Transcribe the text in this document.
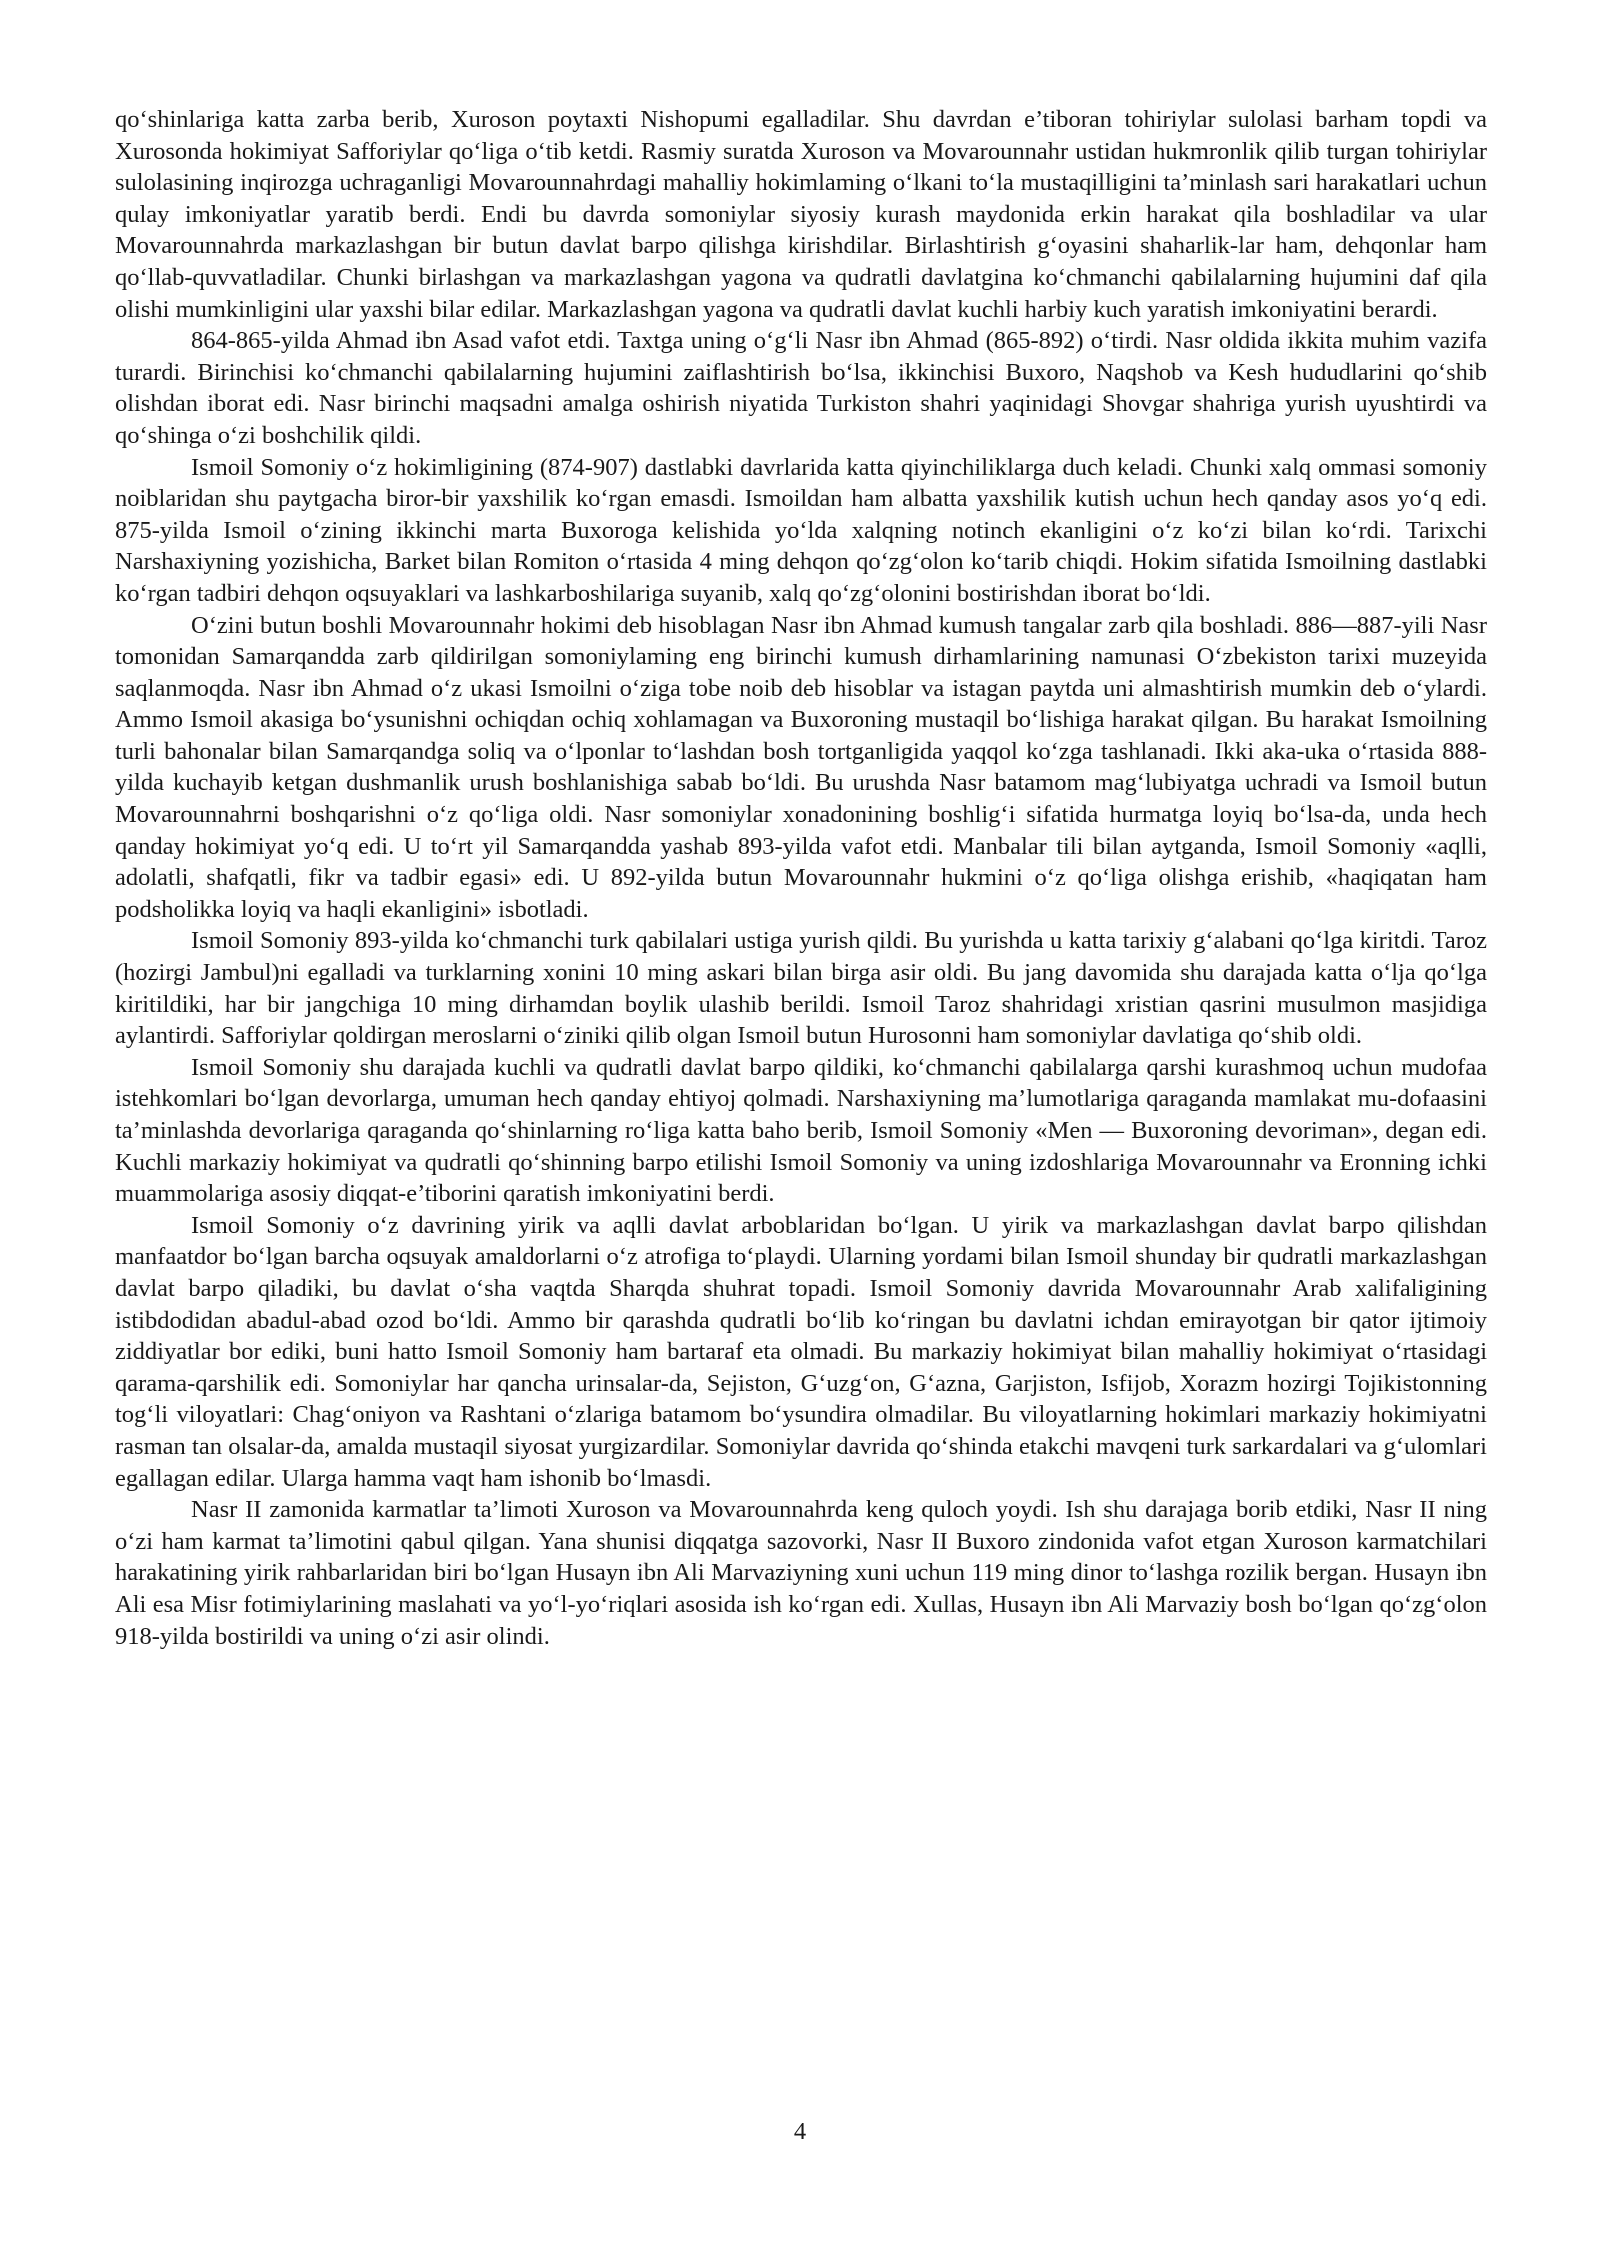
qo‘shinlariga katta zarba berib, Xuroson poytaxti Nishopumi egalladilar. Shu davrdan e’tiboran tohiriylar sulolasi barham topdi va Xurosonda hokimiyat Safforiylar qo‘liga o‘tib ketdi. Rasmiy suratda Xuroson va Movarounnahr ustidan hukmronlik qilib turgan tohiriylar sulolasining inqirozga uchraganligi Movarounnahrdagi mahalliy hokimlaming o‘lkani to‘la mustaqilligini ta’minlash sari harakatlari uchun qulay imkoniyatlar yaratib berdi. Endi bu davrda somoniylar siyosiy kurash maydonida erkin harakat qila boshladilar va ular Movarounnahrda markazlashgan bir butun davlat barpo qilishga kirishdilar. Birlashtirish g‘oyasini shaharlik-lar ham, dehqonlar ham qo‘llab-quvvatladilar. Chunki birlashgan va markazlashgan yagona va qudratli davlatgina ko‘chmanchi qabilalarning hujumini daf qila olishi mumkinligini ular yaxshi bilar edilar. Markazlashgan yagona va qudratli davlat kuchli harbiy kuch yaratish imkoniyatini berardi.

864-865-yilda Ahmad ibn Asad vafot etdi. Taxtga uning o‘g‘li Nasr ibn Ahmad (865-892) o‘tirdi. Nasr oldida ikkita muhim vazifa turardi. Birinchisi ko‘chmanchi qabilalarning hujumini zaiflashtirish bo‘lsa, ikkinchisi Buxoro, Naqshob va Kesh hududlarini qo‘shib olishdan iborat edi. Nasr birinchi maqsadni amalga oshirish niyatida Turkiston shahri yaqinidagi Shovgar shahriga yurish uyushtirdi va qo‘shinga o‘zi boshchilik qildi.

Ismoil Somoniy o‘z hokimligining (874-907) dastlabki davrlarida katta qiyinchiliklarga duch keladi. Chunki xalq ommasi somoniy noiblaridan shu paytgacha biror-bir yaxshilik ko‘rgan emasdi. Ismoildan ham albatta yaxshilik kutish uchun hech qanday asos yo‘q edi. 875-yilda Ismoil o‘zining ikkinchi marta Buxoroga kelishida yo‘lda xalqning notinch ekanligini o‘z ko‘zi bilan ko‘rdi. Tarixchi Narshaxiyning yozishicha, Barket bilan Romiton o‘rtasida 4 ming dehqon qo‘zg‘olon ko‘tarib chiqdi. Hokim sifatida Ismoilning dastlabki ko‘rgan tadbiri dehqon oqsuyaklari va lashkarboshilariga suyanib, xalq qo‘zg‘olonini bostirishdan iborat bo‘ldi.

O‘zini butun boshli Movarounnahr hokimi deb hisoblagan Nasr ibn Ahmad kumush tangalar zarb qila boshladi. 886—887-yili Nasr tomonidan Samarqandda zarb qildirilgan somoniylaming eng birinchi kumush dirhamlarining namunasi O‘zbekiston tarixi muzeyida saqlanmoqda. Nasr ibn Ahmad o‘z ukasi Ismoilni o‘ziga tobe noib deb hisoblar va istagan paytda uni almashtirish mumkin deb o‘ylardi. Ammo Ismoil akasiga bo‘ysunishni ochiqdan ochiq xohlamagan va Buxoroning mustaqil bo‘lishiga harakat qilgan. Bu harakat Ismoilning turli bahonalar bilan Samarqandga soliq va o‘lponlar to‘lashdan bosh tortganligida yaqqol ko‘zga tashlanadi. Ikki aka-uka o‘rtasida 888-yilda kuchayib ketgan dushmanlik urush boshlanishiga sabab bo‘ldi. Bu urushda Nasr batamom mag‘lubiyatga uchradi va Ismoil butun Movarounnahrni boshqarishni o‘z qo‘liga oldi. Nasr somoniylar xonadonining boshlig‘i sifatida hurmatga loyiq bo‘lsa-da, unda hech qanday hokimiyat yo‘q edi. U to‘rt yil Samarqandda yashab 893-yilda vafot etdi. Manbalar tili bilan aytganda, Ismoil Somoniy «aqlli, adolatli, shafqatli, fikr va tadbir egasi» edi. U 892-yilda butun Movarounnahr hukmini o‘z qo‘liga olishga erishib, «haqiqatan ham podsholikka loyiq va haqli ekanligini» isbotladi.

Ismoil Somoniy 893-yilda ko‘chmanchi turk qabilalari ustiga yurish qildi. Bu yurishda u katta tarixiy g‘alabani qo‘lga kiritdi. Taroz (hozirgi Jambul)ni egalladi va turklarning xonini 10 ming askari bilan birga asir oldi. Bu jang davomida shu darajada katta o‘lja qo‘lga kiritildiki, har bir jangchiga 10 ming dirhamdan boylik ulashib berildi. Ismoil Taroz shahridagi xristian qasrini musulmon masjidiga aylantirdi. Safforiylar qoldirgan meroslarni o‘ziniki qilib olgan Ismoil butun Hurosonni ham somoniylar davlatiga qo‘shib oldi.

Ismoil Somoniy shu darajada kuchli va qudratli davlat barpo qildiki, ko‘chmanchi qabilalarga qarshi kurashmoq uchun mudofaa istehkomlari bo‘lgan devorlarga, umuman hech qanday ehtiyoj qolmadi. Narshaxiyning ma’lumotlariga qaraganda mamlakat mu-dofaasini ta’minlashda devorlariga qaraganda qo‘shinlarning ro‘liga katta baho berib, Ismoil Somoniy «Men — Buxoroning devoriman», degan edi. Kuchli markaziy hokimiyat va qudratli qo‘shinning barpo etilishi Ismoil Somoniy va uning izdoshlariga Movarounnahr va Eronning ichki muammolariga asosiy diqqat-e’tiborini qaratish imkoniyatini berdi.

Ismoil Somoniy o‘z davrining yirik va aqlli davlat arboblaridan bo‘lgan. U yirik va markazlashgan davlat barpo qilishdan manfaatdor bo‘lgan barcha oqsuyak amaldorlarni o‘z atrofiga to‘playdi. Ularning yordami bilan Ismoil shunday bir qudratli markazlashgan davlat barpo qiladiki, bu davlat o‘sha vaqtda Sharqda shuhrat topadi. Ismoil Somoniy davrida Movarounnahr Arab xalifaligining istibdodidan abadul-abad ozod bo‘ldi. Ammo bir qarashda qudratli bo‘lib ko‘ringan bu davlatni ichdan emirayotgan bir qator ijtimoiy ziddiyatlar bor ediki, buni hatto Ismoil Somoniy ham bartaraf eta olmadi. Bu markaziy hokimiyat bilan mahalliy hokimiyat o‘rtasidagi qarama-qarshilik edi. Somoniylar har qancha urinsalar-da, Sejiston, G‘uzg‘on, G‘azna, Garjiston, Isfijob, Xorazm hozirgi Tojikistonning tog‘li viloyatlari: Chag‘oniyon va Rashtani o‘zlariga batamom bo‘ysundira olmadilar. Bu viloyatlarning hokimlari markaziy hokimiyatni rasman tan olsalar-da, amalda mustaqil siyosat yurgizardilar. Somoniylar davrida qo‘shinda etakchi mavqeni turk sarkardalari va g‘ulomlari egallagan edilar. Ularga hamma vaqt ham ishonib bo‘lmasdi.

Nasr II zamonida karmatlar ta’limoti Xuroson va Movarounnahrda keng quloch yoydi. Ish shu darajaga borib etdiki, Nasr II ning o‘zi ham karmat ta’limotini qabul qilgan. Yana shunisi diqqatga sazovorki, Nasr II Buxoro zindonida vafot etgan Xuroson karmatchilari harakatining yirik rahbarlaridan biri bo‘lgan Husayn ibn Ali Marvaziyning xuni uchun 119 ming dinor to‘lashga rozilik bergan. Husayn ibn Ali esa Misr fotimiylarining maslahati va yo‘l-yo‘riqlari asosida ish ko‘rgan edi. Xullas, Husayn ibn Ali Marvaziy bosh bo‘lgan qo‘zg‘olon 918-yilda bostirildi va uning o‘zi asir olindi.

4
